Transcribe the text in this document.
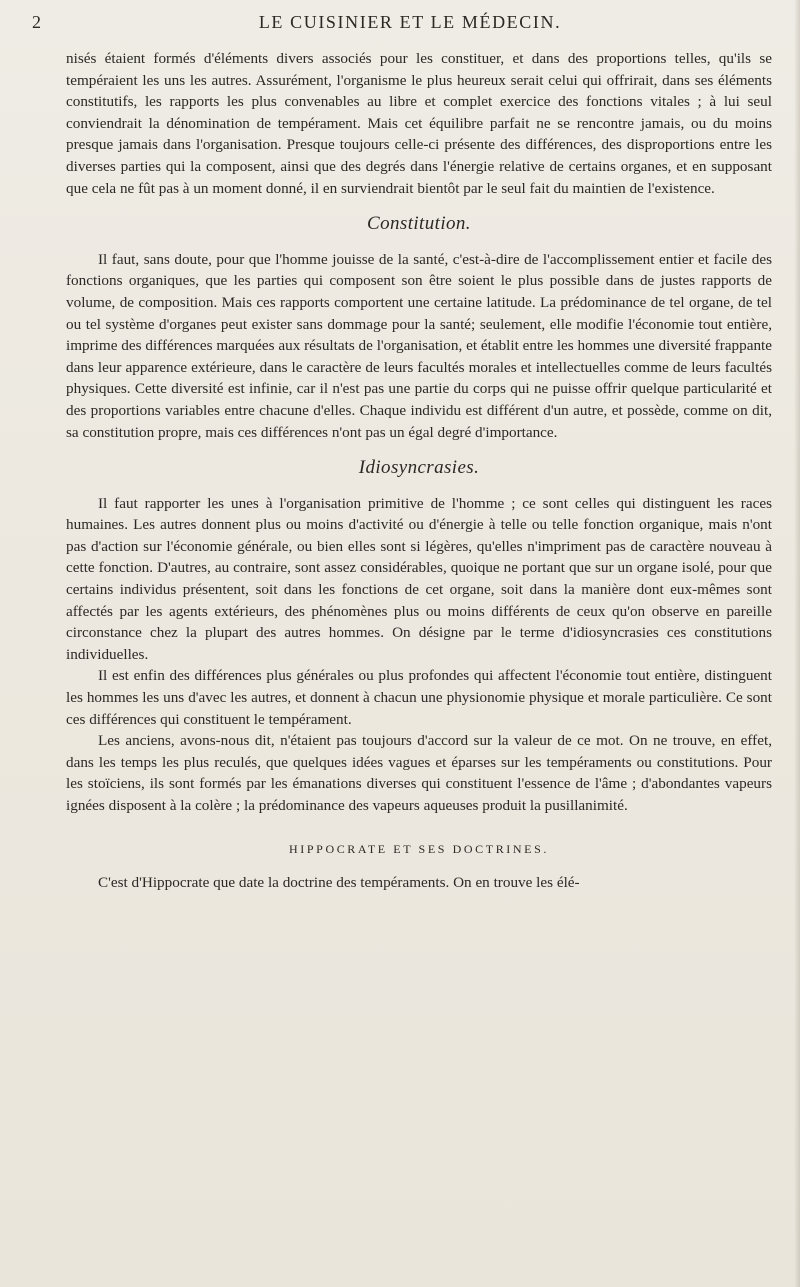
2	LE CUISINIER ET LE MÉDECIN.

nisés étaient formés d'éléments divers associés pour les constituer, et dans des proportions telles, qu'ils se tempéraient les uns les autres. Assurément, l'organisme le plus heureux serait celui qui offrirait, dans ses éléments constitutifs, les rapports les plus convenables au libre et complet exercice des fonctions vitales ; à lui seul conviendrait la dénomination de tempérament. Mais cet équilibre parfait ne se rencontre jamais, ou du moins presque jamais dans l'organisation. Presque toujours celle-ci présente des différences, des disproportions entre les diverses parties qui la composent, ainsi que des degrés dans l'énergie relative de certains organes, et en supposant que cela ne fût pas à un moment donné, il en surviendrait bientôt par le seul fait du maintien de l'existence.

Constitution.

Il faut, sans doute, pour que l'homme jouisse de la santé, c'est-à-dire de l'accomplissement entier et facile des fonctions organiques, que les parties qui composent son être soient le plus possible dans de justes rapports de volume, de composition. Mais ces rapports comportent une certaine latitude. La prédominance de tel organe, de tel ou tel système d'organes peut exister sans dommage pour la santé; seulement, elle modifie l'économie tout entière, imprime des différences marquées aux résultats de l'organisation, et établit entre les hommes une diversité frappante dans leur apparence extérieure, dans le caractère de leurs facultés morales et intellectuelles comme de leurs facultés physiques. Cette diversité est infinie, car il n'est pas une partie du corps qui ne puisse offrir quelque particularité et des proportions variables entre chacune d'elles. Chaque individu est différent d'un autre, et possède, comme on dit, sa constitution propre, mais ces différences n'ont pas un égal degré d'importance.

Idiosyncrasies.

Il faut rapporter les unes à l'organisation primitive de l'homme ; ce sont celles qui distinguent les races humaines. Les autres donnent plus ou moins d'activité ou d'énergie à telle ou telle fonction organique, mais n'ont pas d'action sur l'économie générale, ou bien elles sont si légères, qu'elles n'impriment pas de caractère nouveau à cette fonction. D'autres, au contraire, sont assez considérables, quoique ne portant que sur un organe isolé, pour que certains individus présentent, soit dans les fonctions de cet organe, soit dans la manière dont eux-mêmes sont affectés par les agents extérieurs, des phénomènes plus ou moins différents de ceux qu'on observe en pareille circonstance chez la plupart des autres hommes. On désigne par le terme d'idiosyncrasies ces constitutions individuelles.

Il est enfin des différences plus générales ou plus profondes qui affectent l'économie tout entière, distinguent les hommes les uns d'avec les autres, et donnent à chacun une physionomie physique et morale particulière. Ce sont ces différences qui constituent le tempérament.

Les anciens, avons-nous dit, n'étaient pas toujours d'accord sur la valeur de ce mot. On ne trouve, en effet, dans les temps les plus reculés, que quelques idées vagues et éparses sur les tempéraments ou constitutions. Pour les stoïciens, ils sont formés par les émanations diverses qui constituent l'essence de l'âme ; d'abondantes vapeurs ignées disposent à la colère ; la prédominance des vapeurs aqueuses produit la pusillanimité.

HIPPOCRATE ET SES DOCTRINES.

C'est d'Hippocrate que date la doctrine des tempéraments. On en trouve les élé-
